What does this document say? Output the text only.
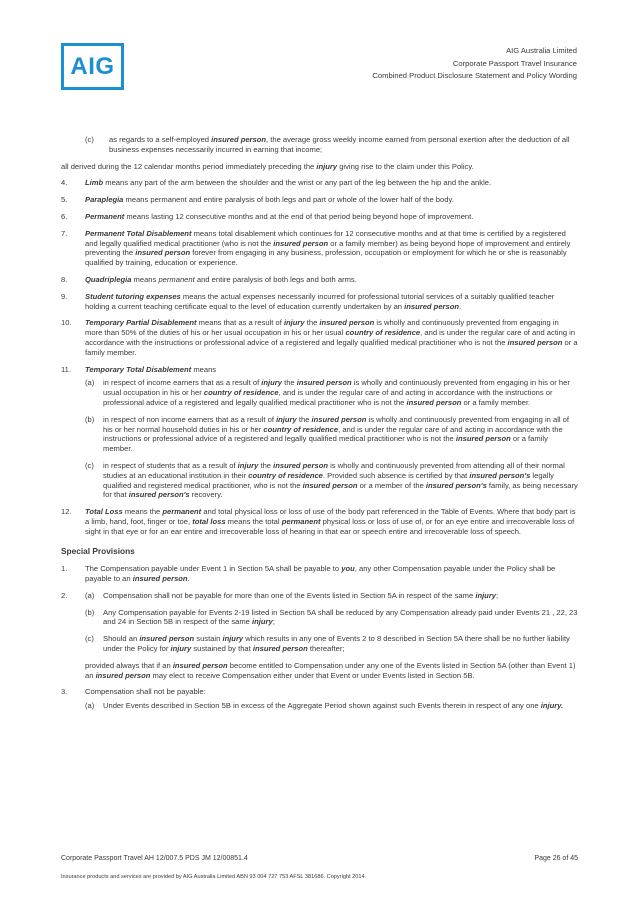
AIG
AIG Australia Limited
Corporate Passport Travel Insurance
Combined Product Disclosure Statement and Policy Wording
(c)	as regards to a self-employed insured person, the average gross weekly income earned from personal exertion after the deduction of all business expenses necessarily incurred in earning that income;
all derived during the 12 calendar months period immediately preceding the injury giving rise to the claim under this Policy.
4.	Limb means any part of the arm between the shoulder and the wrist or any part of the leg between the hip and the ankle.
5.	Paraplegia means permanent and entire paralysis of both legs and part or whole of the lower half of the body.
6.	Permanent means lasting 12 consecutive months and at the end of that period being beyond hope of improvement.
7.	Permanent Total Disablement means total disablement which continues for 12 consecutive months and at that time is certified by a registered and legally qualified medical practitioner (who is not the insured person or a family member) as being beyond hope of improvement and entirely preventing the insured person forever from engaging in any business, profession, occupation or employment for which he or she is reasonably qualified by training, education or experience.
8.	Quadriplegia means permanent and entire paralysis of both legs and both arms.
9.	Student tutoring expenses means the actual expenses necessarily incurred for professional tutorial services of a suitably qualified teacher holding a current teaching certificate equal to the level of education currently undertaken by an insured person.
10.	Temporary Partial Disablement means that as a result of injury the insured person is wholly and continuously prevented from engaging in more than 50% of the duties of his or her usual occupation in his or her usual country of residence, and is under the regular care of and acting in accordance with the instructions or professional advice of a registered and legally qualified medical practitioner who is not the insured person or a family member.
11.	Temporary Total Disablement means
(a)	in respect of income earners that as a result of injury the insured person is wholly and continuously prevented from engaging in his or her usual occupation in his or her country of residence, and is under the regular care of and acting in accordance with the instructions or professional advice of a registered and legally qualified medical practitioner who is not the insured person or a family member.
(b)	in respect of non income earners that as a result of injury the insured person is wholly and continuously prevented from engaging in all of his or her normal household duties in his or her country of residence, and is under the regular care of and acting in accordance with the instructions or professional advice of a registered and legally qualified medical practitioner who is not the insured person or a family member.
(c)	in respect of students that as a result of injury the insured person is wholly and continuously prevented from attending all of their normal studies at an educational institution in their country of residence. Provided such absence is certified by that insured person's legally qualified and registered medical practitioner, who is not the insured person or a member of the insured person's family, as being necessary for that insured person's recovery.
12.	Total Loss means the permanent and total physical loss or loss of use of the body part referenced in the Table of Events. Where that body part is a limb, hand, foot, finger or toe, total loss means the total permanent physical loss or loss of use of, or for an eye entire and irrecoverable loss of sight in that eye or for an ear entire and irrecoverable loss of hearing in that ear or speech entire and irrecoverable loss of speech.
Special Provisions
1.	The Compensation payable under Event 1 in Section 5A shall be payable to you, any other Compensation payable under the Policy shall be payable to an insured person.
2.	(a)	Compensation shall not be payable for more than one of the Events listed in Section 5A in respect of the same injury;
(b)	Any Compensation payable for Events 2-19 listed in Section 5A shall be reduced by any Compensation already paid under Events 21 , 22, 23 and 24 in Section 5B in respect of the same injury;
(c)	Should an insured person sustain injury which results in any one of Events 2 to 8 described in Section 5A there shall be no further liability under the Policy for injury sustained by that insured person thereafter;
provided always that if an insured person become entitled to Compensation under any one of the Events listed in Section 5A (other than Event 1) an insured person may elect to receive Compensation either under that Event or under Events listed in Section 5B.
3.	Compensation shall not be payable:
(a)	Under Events described in Section 5B in excess of the Aggregate Period shown against such Events therein in respect of any one injury.
Corporate Passport Travel AH 12/007.5 PDS JM 12/00851.4	Page 26 of 45
Insurance products and services are provided by AIG Australia Limited ABN 93 004 727 753 AFSL 381686. Copyright 2014.
